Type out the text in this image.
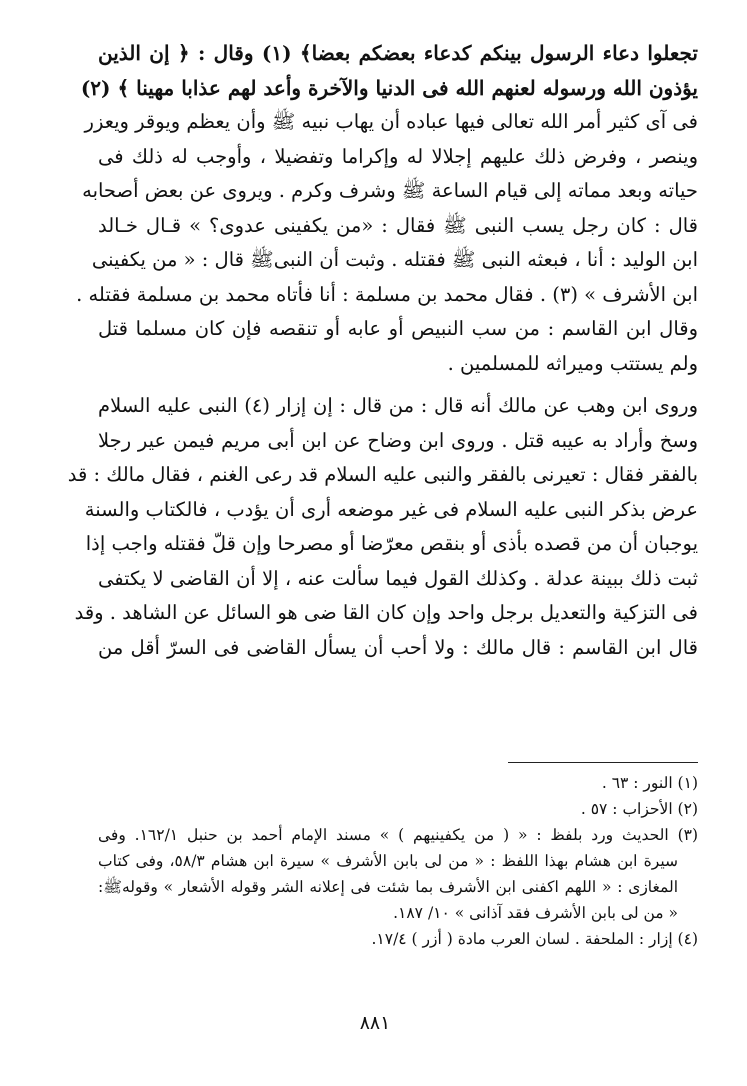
تجعلوا دعاء الرسول بينكم كدعاء بعضكم بعضا﴾ (١) وقال : ﴿ إن الذين
يؤذون الله ورسوله لعنهم الله فى الدنيا والآخرة وأعد لهم عذابا مهينا ﴾ (٢)
فى آى كثير أمر الله تعالى فيها عباده أن يهاب نبيه ﷺ وأن يعظم ويوقر ويعزر
وينصر ، وفرض ذلك عليهم إجلالا له وإكراما وتفضيلا ، وأوجب له ذلك فى
حياته وبعد مماته إلى قيام الساعة ﷺ وشرف وكرم . ويروى عن بعض أصحابه
قال : كان رجل يسب النبى ﷺ فقال : «من يكفينى عدوى؟ » قـال خـالد
ابن الوليد : أنا ، فبعثه النبى ﷺ فقتله . وثبت أن النبىﷺ قال : « من يكفينى
ابن الأشرف » (٣) . فقال محمد بن مسلمة : أنا فأتاه محمد بن مسلمة فقتله .
وقال ابن القاسم : من سب النبيص أو عابه أو تنقصه فإن كان مسلما قتل
ولم يستتب وميراثه للمسلمين .
وروى ابن وهب عن مالك أنه قال : من قال : إن إزار (٤) النبى عليه السلام
وسخ وأراد به عيبه قتل . وروى ابن وضاح عن ابن أبى مريم فيمن عير رجلا
بالفقر فقال : تعيرنى بالفقر والنبى عليه السلام قد رعى الغنم ، فقال مالك : قد
عرض بذكر النبى عليه السلام فى غير موضعه أرى أن يؤدب ، فالكتاب والسنة
يوجبان أن من قصده بأذى أو بنقص معرّضا أو مصرحا وإن قلّ فقتله واجب إذا
ثبت ذلك ببينة عدلة . وكذلك القول فيما سألت عنه ، إلا أن القاضى لا يكتفى
فى التزكية والتعديل برجل واحد وإن كان القا ضى هو السائل عن الشاهد . وقد
قال ابن القاسم : قال مالك : ولا أحب أن يسأل القاضى فى السرّ أقل من
(١) النور : ٦٣ .
(٢) الأحزاب : ٥٧ .
(٣) الحديث ورد بلفظ : « ( من يكفينيهم ) » مسند الإمام أحمد بن حنبل ١٦٢/١. وفى
سيرة ابن هشام بهذا اللفظ : « من لى بابن الأشرف » سيرة ابن هشام ٥٨/٣، وفى كتاب
المغازى : « اللهم اكفنى ابن الأشرف بما شئت فى إعلانه الشر وقوله الأشعار » وقولهﷺ:
« من لى بابن الأشرف فقد آذانى » ١٠/ ١٨٧.
(٤) إزار : الملحفة . لسان العرب مادة ( أزر ) ١٧/٤.
٨٨١
